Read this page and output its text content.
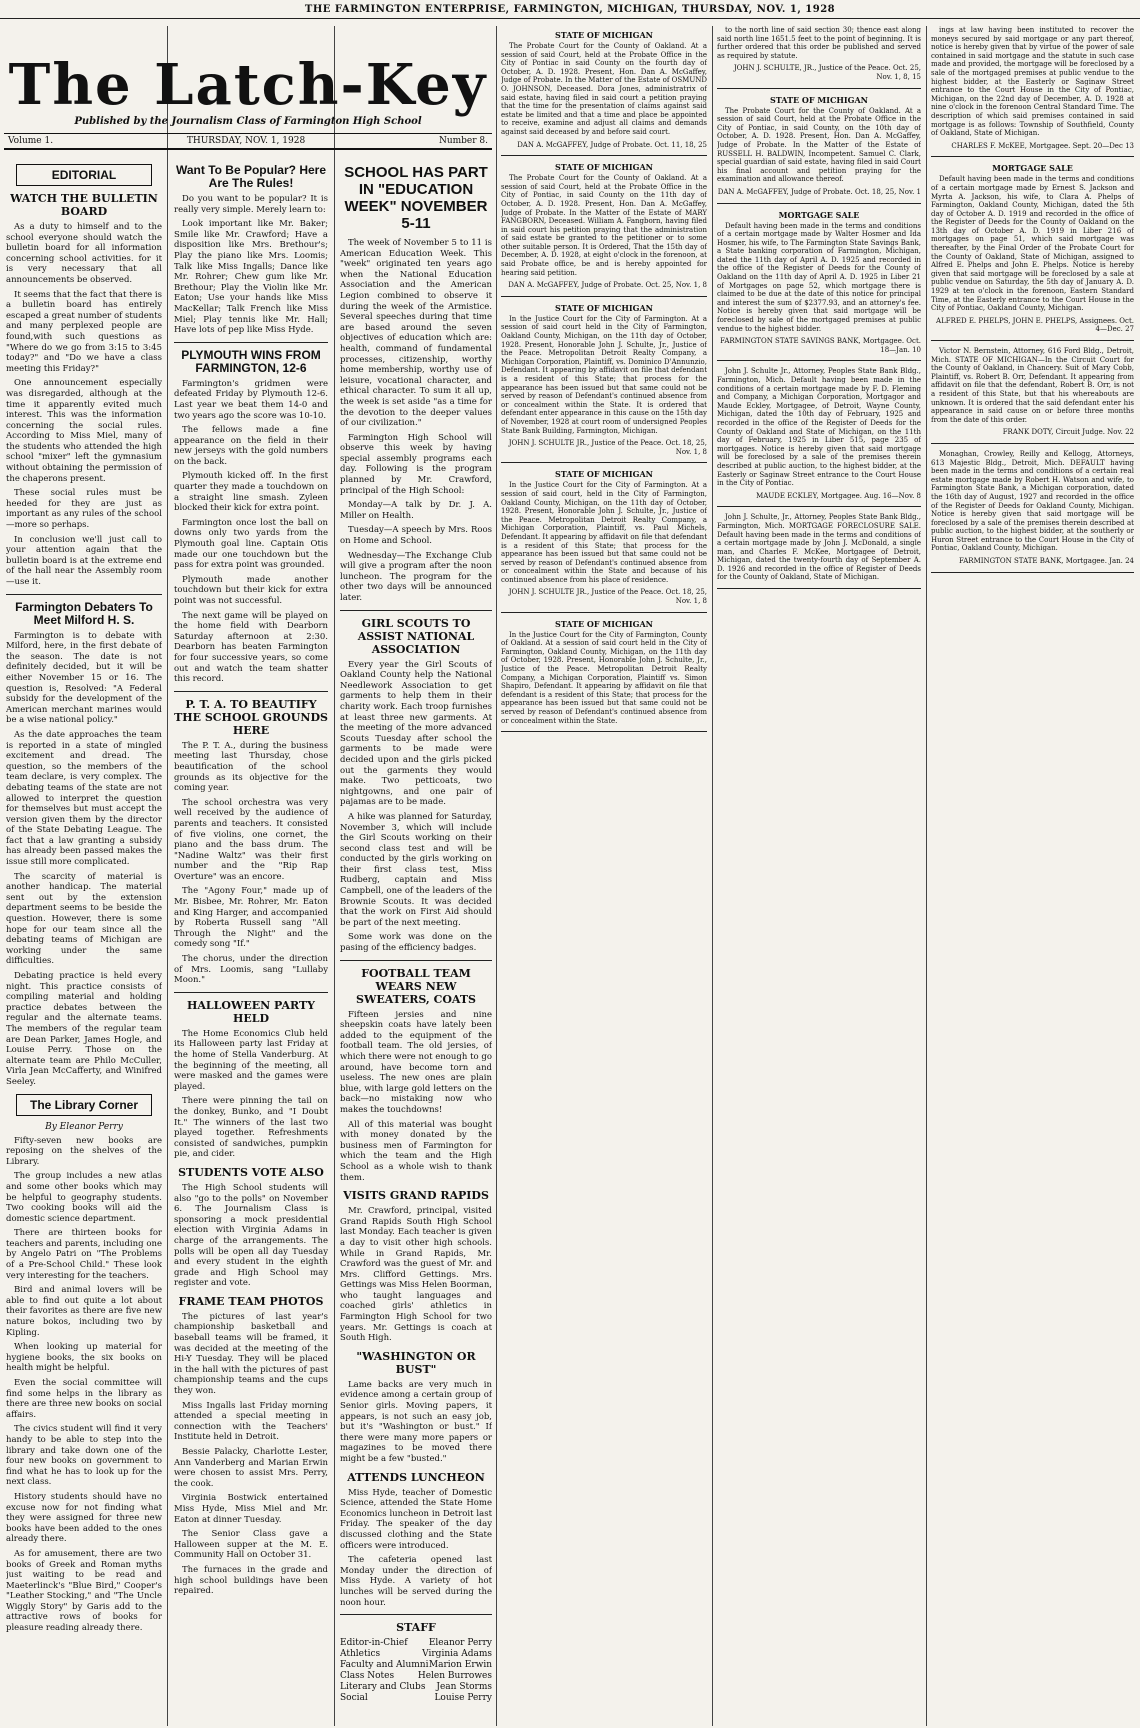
THE FARMINGTON ENTERPRISE, FARMINGTON, MICHIGAN, THURSDAY, NOV. 1, 1928
The Latch-Key
Published by the Journalism Class of Farmington High School
Volume 1.	THURSDAY, NOV. 1, 1928	Number 8.
EDITORIAL
WATCH THE BULLETIN BOARD

As a duty to himself and to the school everyone should watch the bulletin board for all information concerning school activities. for it is very necessary that all announcements be observed.

It seems that the fact that there is a bulletin board has entirely escaped a great number of students and many perplexed people are found,with such questions as "Where do we go from 3:15 to 3:45 today?" and "Do we have a class meeting this Friday?"

One announcement especially was disregarded, although at the time it apparently evited much interest. This was the information concerning the social rules. According to Miss Miel, many of the students who attended the high school "mixer" left the gymnasium without obtaining the permission of the chaperons present.

These social rules must be heeded for they are just as important as any rules of the school —more so perhaps.

In conclusion we'll just call to your attention again that the bulletin board is at the extreme end of the hall near the Assembly room—use it.

Farmington Debaters To Meet Milford H. S.

Farmington is to debate with Milford, here, in the first debate of the season. The date is not definitely decided, but it will be either November 15 or 16. The question is, Resolved: "A Federal subsidy for the development of the American merchant marines would be a wise national policy."

As the date approaches the team is reported in a state of mingled excitement and dread. The question, so the members of the team declare, is very complex. The debating teams of the state are not allowed to interpret the question for themselves but must accept the version given them by the director of the State Debating League. The fact that a law granting a subsidy has already been passed makes the issue still more complicated.

The scarcity of material is another handicap. The material sent out by the extension department seems to be beside the question. However, there is some hope for our team since all the debating teams of Michigan are working under the same difficulties.

Debating practice is held every night. This practice consists of compiling material and holding practice debates between the regular and the alternate teams. The members of the regular team are Dean Parker, James Hogle, and Louise Perry. Those on the alternate team are Philo McCuller, Virla Jean McCafferty, and Winifred Seeley.

The Library Corner
By Eleanor Perry

Fifty-seven new books are reposing on the shelves of the Library.

The group includes a new atlas and some other books which may be helpful to geography students. Two cooking books will aid the domestic science department.

There are thirteen books for teachers and parents, including one by Angelo Patri on "The Problems of a Pre-School Child." These look very interesting for the teachers.

Bird and animal lovers will be able to find out quite a lot about their favorites as there are five new nature bokos, including two by Kipling.

When looking up material for hygiene books, the six books on health might be helpful.

Even the social committee will find some helps in the library as there are three new books on social affairs.

The civics student will find it very handy to be able to step into the library and take down one of the four new books on government to find what he has to look up for the next class.

History students should have no excuse now for not finding what they were assigned for three new books have been added to the ones already there.

As for amusement, there are two books of Greek and Roman myths just waiting to be read and Maeterlinck's "Blue Bird," Cooper's "Leather Stocking," and "The Uncle Wiggly Story" by Garis add to the attractive rows of books for pleasure reading already there.

Want To Be Popular? Here Are The Rules!

Do you want to be popular? It is really very simple. Merely learn to:

Look important like Mr. Baker; Smile like Mr. Crawford; Have a disposition like Mrs. Brethour's; Play the piano like Mrs. Loomis; Talk like Miss Ingalls; Dance like Mr. Rohrer; Chew gum like Mr. Brethour; Play the Violin like Mr. Eaton; Use your hands like Miss MacKellar; Talk French like Miss Miel; Play tennis like Mr. Hall; Have lots of pep like Miss Hyde.

PLYMOUTH WINS FROM FARMINGTON, 12-6

Farmington's gridmen were defeated Friday by Plymouth 12-6. Last year we beat them 14-0 and two years ago the score was 10-10.

The fellows made a fine appearance on the field in their new jerseys with the gold numbers on the back.

Plymouth kicked off. In the first quarter they made a touchdown on a straight line smash. Zyleen blocked their kick for extra point.

Farmington once lost the ball on downs only two yards from the Plymouth goal line. Captain Otis made our one touchdown but the pass for extra point was grounded.

Plymouth made another touchdown but their kick for extra point was not successful.

The next game will be played on the home field with Dearborn Saturday afternoon at 2:30. Dearborn has beaten Farmington for four successive years, so come out and watch the team shatter this record.

P. T. A. TO BEAUTIFY THE SCHOOL GROUNDS HERE

The P. T. A., during the business meeting last Thursday, chose beautification of the school grounds as its objective for the coming year.

The school orchestra was very well received by the audience of parents and teachers. It consisted of five violins, one cornet, the piano and the bass drum. The "Nadine Waltz" was their first number and the "Rip Rap Overture" was an encore.

The "Agony Four," made up of Mr. Bisbee, Mr. Rohrer, Mr. Eaton and King Harger, and accompanied by Roberta Russell sang "All Through the Night" and the comedy song "If."

The chorus, under the direction of Mrs. Loomis, sang "Lullaby Moon."

HALLOWEEN PARTY HELD

The Home Economics Club held its Halloween party last Friday at the home of Stella Vanderburg. At the beginning of the meeting, all were masked and the games were played.

There were pinning the tail on the donkey, Bunko, and "I Doubt It." The winners of the last two played together. Refreshments consisted of sandwiches, pumpkin pie, and cider.

STUDENTS VOTE ALSO

The High School students will also "go to the polls" on November 6. The Journalism Class is sponsoring a mock presidential election with Virginia Adams in charge of the arrangements. The polls will be open all day Tuesday and every student in the eighth grade and High School may register and vote.

FRAME TEAM PHOTOS

The pictures of last year's championship basketball and baseball teams will be framed, it was decided at the meeting of the Hi-Y Tuesday. They will be placed in the hall with the pictures of past championship teams and the cups they won.

Miss Ingalls last Friday morning attended a special meeting in connection with the Teachers' Institute held in Detroit.

Bessie Palacky, Charlotte Lester, Ann Vanderberg and Marian Erwin were chosen to assist Mrs. Perry, the cook.

Virginia Bostwick entertained Miss Hyde, Miss Miel and Mr. Eaton at dinner Tuesday.

The Senior Class gave a Halloween supper at the M. E. Community Hall on October 31.

The furnaces in the grade and high school buildings have been repaired.

SCHOOL HAS PART IN "EDUCATION WEEK" NOVEMBER 5-11

The week of November 5 to 11 is American Education Week. This "week" originated ten years ago when the National Education Association and the American Legion combined to observe it during the week of the Armistice. Several speeches during that time are based around the seven objectives of education which are: health, command of fundamental processes, citizenship, worthy home membership, worthy use of leisure, vocational character, and ethical character. To sum it all up, the week is set aside "as a time for the devotion to the deeper values of our civilization."

Farmington High School will observe this week by having special assembly programs each day. Following is the program planned by Mr. Crawford, principal of the High School:

Monday—A talk by Dr. J. A. Miller on Health.

Tuesday—A speech by Mrs. Roos on Home and School.

Wednesday—The Exchange Club will give a program after the noon luncheon. The program for the other two days will be announced later.

GIRL SCOUTS TO ASSIST NATIONAL ASSOCIATION

Every year the Girl Scouts of Oakland County help the National Needlework Association to get garments to help them in their charity work. Each troop furnishes at least three new garments. At the meeting of the more advanced Scouts Tuesday after school the garments to be made were decided upon and the girls picked out the garments they would make. Two petticoats, two nightgowns, and one pair of pajamas are to be made.

A hike was planned for Saturday, November 3, which will include the Girl Scouts working on their second class test and will be conducted by the girls working on their first class test, Miss Rudberg, captain and Miss Campbell, one of the leaders of the Brownie Scouts. It was decided that the work on First Aid should be part of the next meeting.

Some work was done on the pasing of the efficiency badges.

FOOTBALL TEAM WEARS NEW SWEATERS, COATS

Fifteen jersies and nine sheepskin coats have lately been added to the equipment of the football team. The old jersies, of which there were not enough to go around, have become torn and useless. The new ones are plain blue, with large gold letters on the back—no mistaking now who makes the touchdowns!

All of this material was bought with money donated by the business men of Farmington for which the team and the High School as a whole wish to thank them.

VISITS GRAND RAPIDS

Mr. Crawford, principal, visited Grand Rapids South High School last Monday. Each teacher is given a day to visit other high schools. While in Grand Rapids, Mr. Crawford was the guest of Mr. and Mrs. Clifford Gettings. Mrs. Gettings was Miss Helen Boorman, who taught languages and coached girls' athletics in Farmington High School for two years. Mr. Gettings is coach at South High.

"WASHINGTON OR BUST"

Lame backs are very much in evidence among a certain group of Senior girls. Moving papers, it appears, is not such an easy job, but it's "Washington or bust." If there were many more papers or magazines to be moved there might be a few "busted."

ATTENDS LUNCHEON

Miss Hyde, teacher of Domestic Science, attended the State Home Economics luncheon in Detroit last Friday. The speaker of the day discussed clothing and the State officers were introduced.

The cafeteria opened last Monday under the direction of Miss Hyde. A variety of hot lunches will be served during the noon hour.

STAFF
Editor-in-Chief Eleanor Perry
Athletics	Virginia Adams
Faculty and Alumni Marion Erwin
Class Notes	Helen Burrowes
Literary and Clubs Jean Storms
Social	Louise Perry
STATE OF MICHIGAN

The Probate Court for the County of Oakland. At a session of said Court, held at the Probate Office in the City of Pontiac in said County on the fourth day of October, A. D. 1928. Present, Hon. Dan A. McGaffey, Judge of Probate. In the Matter of the Estate of OSMUND O. JOHNSON, Deceased. Dora Jones, administratrix of said estate, having filed in said court a petition praying that the time for the presentation of claims against said estate be limited and that a time and place be appointed to receive, examine and adjust all claims and demands against said deceased by and before said court.

DAN A. McGAFFEY, Judge of Probate. Oct. 11, 18, 25

STATE OF MICHIGAN

The Probate Court for the County of Oakland. At a session of said Court, held at the Probate Office in the City of Pontiac, in said County on the 11th day of October, A. D. 1928. Present, Hon. Dan A. McGaffey, Judge of Probate. In the Matter of the Estate of MARY FANGBORN, Deceased. William A. Fangborn, having filed in said court his petition praying that the administration of said estate be granted to the petitioner or to some other suitable person. It is Ordered, That the 15th day of December, A. D. 1928, at eight o'clock in the forenoon, at said Probate office, be and is hereby appointed for hearing said petition.

DAN A. McGAFFEY, Judge of Probate. Oct. 25, Nov. 1, 8

STATE OF MICHIGAN

In the Justice Court for the City of Farmington. At a session of said court held in the City of Farmington, Oakland County, Michigan, on the 11th day of October, 1928. Present, Honorable John J. Schulte, Jr., Justice of the Peace. Metropolitan Detroit Realty Company, a Michigan Corporation, Plaintiff, vs. Dominico D'Annunzio, Defendant. It appearing by affidavit on file that defendant is a resident of this State; that process for the appearance has been issued but that same could not be served by reason of Defendant's continued absence from or concealment within the State. It is ordered that defendant enter appearance in this cause on the 15th day of November, 1928 at court room of undersigned Peoples State Bank Building, Farmington, Michigan.

JOHN J. SCHULTE JR., Justice of the Peace. Oct. 18, 25, Nov. 1, 8

STATE OF MICHIGAN

In the Justice Court for the City of Farmington. At a session of said court, held in the City of Farmington, Oakland County, Michigan, on the 11th day of October, 1928. Present, Honorable John J. Schulte, Jr., Justice of the Peace. Metropolitan Detroit Realty Company, a Michigan Corporation, Plaintiff, vs. Paul Michels, Defendant. It appearing by affidavit on file that defendant is a resident of this State; that process for the appearance has been issued but that same could not be served by reason of Defendant's continued absence from or concealment within the State and because of his continued absence from his place of residence.

JOHN J. SCHULTE JR., Justice of the Peace. Oct. 18, 25, Nov. 1, 8

STATE OF MICHIGAN

In the Justice Court for the City of Farmington, County of Oakland. At a session of said court held in the City of Farmington, Oakland County, Michigan, on the 11th day of October, 1928. Present, Honorable John J. Schulte, Jr., Justice of the Peace. Metropolitan Detroit Realty Company, a Michigan Corporation, Plaintiff vs. Simon Shapiro, Defendant. It appearing by affidavit on file that defendant is a resident of this State; that process for the appearance has been issued but that same could not be served by reason of Defendant's continued absence from or concealment within the State.

to the north line of said section 30; thence east along said north line 1651.5 feet to the point of beginning. It is further ordered that this order be published and served as required by statute.

JOHN J. SCHULTE, JR., Justice of the Peace. Oct. 25, Nov. 1, 8, 15

STATE OF MICHIGAN

The Probate Court for the County of Oakland. At a session of said Court, held at the Probate Office in the City of Pontiac, in said County, on the 10th day of October, A. D. 1928. Present, Hon. Dan A. McGaffey, Judge of Probate. In the Matter of the Estate of RUSSELL H. BALDWIN, Incompetent. Samuel C. Clark, special guardian of said estate, having filed in said Court his final account and petition praying for the examination and allowance thereof.

DAN A. McGAFFEY, Judge of Probate. Oct. 18, 25, Nov. 1

MORTGAGE SALE

Default having been made in the terms and conditions of a certain mortgage made by Walter Hosmer and Ida Hosmer, his wife, to The Farmington State Savings Bank, a State banking corporation of Farmington, Michigan, dated the 11th day of April A. D. 1925 and recorded in the office of the Register of Deeds for the County of Oakland on the 11th day of April A. D. 1925 in Liber 21 of Mortgages on page 52, which mortgage there is claimed to be due at the date of this notice for principal and interest the sum of $2377.93, and an attorney's fee. Notice is hereby given that said mortgage will be foreclosed by sale of the mortgaged premises at public vendue to the highest bidder.

FARMINGTON STATE SAVINGS BANK, Mortgagee. Oct. 18—Jan. 10

John J. Schulte Jr., Attorney, Peoples State Bank Bldg., Farmington, Mich. Default having been made in the conditions of a certain mortgage made by F. D. Fleming and Company, a Michigan Corporation, Mortgagor and Maude Eckley, Mortgagee, of Detroit, Wayne County, Michigan, dated the 10th day of February, 1925 and recorded in the office of the Register of Deeds for the County of Oakland and State of Michigan, on the 11th day of February, 1925 in Liber 515, page 235 of mortgages. Notice is hereby given that said mortgage will be foreclosed by a sale of the premises therein described at public auction, to the highest bidder, at the Easterly or Saginaw Street entrance to the Court House in the City of Pontiac.

MAUDE ECKLEY, Mortgagee. Aug. 16—Nov. 8

John J. Schulte, Jr., Attorney, Peoples State Bank Bldg., Farmington, Mich. MORTGAGE FORECLOSURE SALE. Default having been made in the terms and conditions of a certain mortgage made by John J. McDonald, a single man, and Charles F. McKee, Mortgagee of Detroit, Michigan, dated the twenty-fourth day of September A. D. 1926 and recorded in the office of Register of Deeds for the County of Oakland, State of Michigan.

ings at law having been instituted to recover the moneys secured by said mortgage or any part thereof, notice is hereby given that by virtue of the power of sale contained in said mortgage and the statute in such case made and provided, the mortgage will be foreclosed by a sale of the mortgaged premises at public vendue to the highest bidder, at the Easterly or Saginaw Street entrance to the Court House in the City of Pontiac, Michigan, on the 22nd day of December, A. D. 1928 at nine o'clock in the forenoon Central Standard Time. The description of which said premises contained in said mortgage is as follows: Township of Southfield, County of Oakland, State of Michigan.

CHARLES F. McKEE, Mortgagee. Sept. 20—Dec 13

MORTGAGE SALE

Default having been made in the terms and conditions of a certain mortgage made by Ernest S. Jackson and Myrta A. Jackson, his wife, to Clara A. Phelps of Farmington, Oakland County, Michigan, dated the 5th day of October A. D. 1919 and recorded in the office of the Register of Deeds for the County of Oakland on the 13th day of October A. D. 1919 in Liber 216 of mortgages on page 51, which said mortgage was thereafter, by the Final Order of the Probate Court for the County of Oakland, State of Michigan, assigned to Alfred E. Phelps and John E. Phelps. Notice is hereby given that said mortgage will be foreclosed by a sale at public vendue on Saturday, the 5th day of January A. D. 1929 at ten o'clock in the forenoon, Eastern Standard Time, at the Easterly entrance to the Court House in the City of Pontiac, Oakland County, Michigan.

ALFRED E. PHELPS, JOHN E. PHELPS, Assignees. Oct. 4—Dec. 27

Victor N. Bernstein, Attorney, 616 Ford Bldg., Detroit, Mich. STATE OF MICHIGAN—In the Circuit Court for the County of Oakland, in Chancery. Suit of Mary Cobb, Plaintiff, vs. Robert B. Orr, Defendant. It appearing from affidavit on file that the defendant, Robert B. Orr, is not a resident of this State, but that his whereabouts are unknown. It is ordered that the said defendant enter his appearance in said cause on or before three months from the date of this order.

FRANK DOTY, Circuit Judge. Nov. 22

Monaghan, Crowley, Reilly and Kellogg, Attorneys, 613 Majestic Bldg., Detroit, Mich. DEFAULT having been made in the terms and conditions of a certain real estate mortgage made by Robert H. Watson and wife, to Farmington State Bank, a Michigan corporation, dated the 16th day of August, 1927 and recorded in the office of the Register of Deeds for Oakland County, Michigan. Notice is hereby given that said mortgage will be foreclosed by a sale of the premises therein described at public auction, to the highest bidder, at the southerly or Huron Street entrance to the Court House in the City of Pontiac, Oakland County, Michigan.

FARMINGTON STATE BANK, Mortgagee. Jan. 24
